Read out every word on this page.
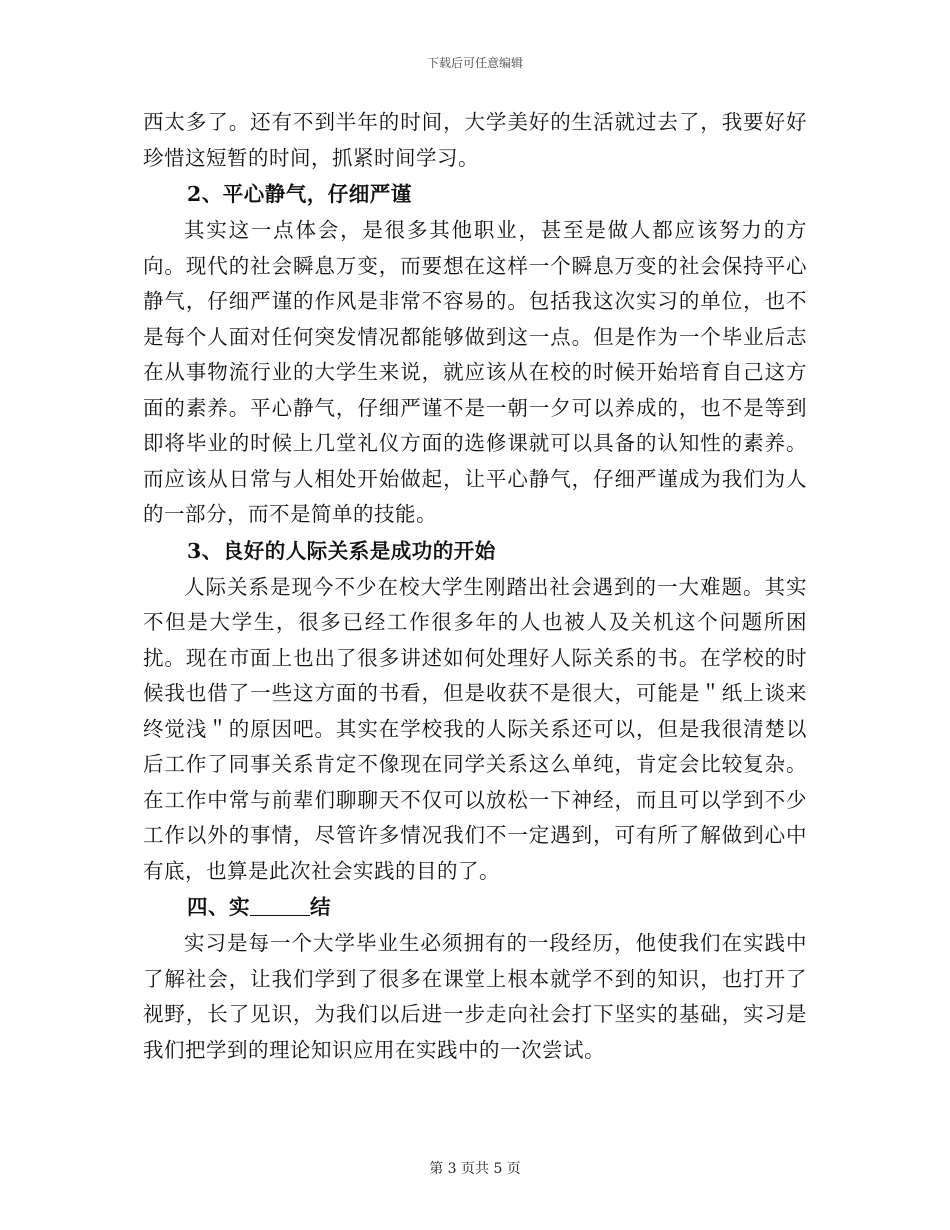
下载后可任意编辑

西太多了。还有不到半年的时间，大学美好的生活就过去了，我要好好珍惜这短暂的时间，抓紧时间学习。

2、平心静气，仔细严谨

其实这一点体会，是很多其他职业，甚至是做人都应该努力的方向。现代的社会瞬息万变，而要想在这样一个瞬息万变的社会保持平心静气，仔细严谨的作风是非常不容易的。包括我这次实习的单位，也不是每个人面对任何突发情况都能够做到这一点。但是作为一个毕业后志在从事物流行业的大学生来说，就应该从在校的时候开始培育自己这方面的素养。平心静气，仔细严谨不是一朝一夕可以养成的，也不是等到即将毕业的时候上几堂礼仪方面的选修课就可以具备的认知性的素养。而应该从日常与人相处开始做起，让平心静气，仔细严谨成为我们为人的一部分，而不是简单的技能。

3、良好的人际关系是成功的开始

人际关系是现今不少在校大学生刚踏出社会遇到的一大难题。其实不但是大学生，很多已经工作很多年的人也被人及关机这个问题所困扰。现在市面上也出了很多讲述如何处理好人际关系的书。在学校的时候我也借了一些这方面的书看，但是收获不是很大，可能是＂纸上谈来终觉浅＂的原因吧。其实在学校我的人际关系还可以，但是我很清楚以后工作了同事关系肯定不像现在同学关系这么单纯，肯定会比较复杂。在工作中常与前辈们聊聊天不仅可以放松一下神经，而且可以学到不少工作以外的事情，尽管许多情况我们不一定遇到，可有所了解做到心中有底，也算是此次社会实践的目的了。

四、实	结

实习是每一个大学毕业生必须拥有的一段经历，他使我们在实践中了解社会，让我们学到了很多在课堂上根本就学不到的知识，也打开了视野，长了见识，为我们以后进一步走向社会打下坚实的基础，实习是我们把学到的理论知识应用在实践中的一次尝试。

第 3 页共 5 页
